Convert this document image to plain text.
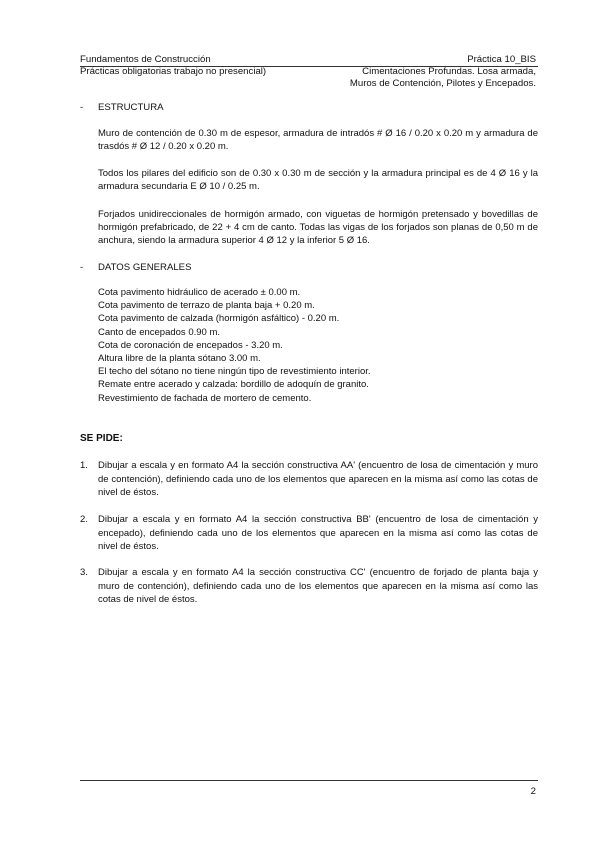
Fundamentos de Construcción
Prácticas obligatorias trabajo no presencial)
Práctica 10_BIS
Cimentaciones Profundas. Losa armada,
Muros de Contención, Pilotes y Encepados.
- ESTRUCTURA
Muro de contención de 0.30 m de espesor, armadura de intradós # Ø 16 / 0.20 x 0.20 m y armadura de trasdós # Ø 12 / 0.20 x 0.20 m.
Todos los pilares del edificio son de 0.30 x 0.30 m de sección y la armadura principal es de 4 Ø 16 y la armadura secundaria E Ø 10 / 0.25 m.
Forjados unidireccionales de hormigón armado, con viguetas de hormigón pretensado y bovedillas de hormigón prefabricado, de 22 + 4 cm de canto. Todas las vigas de los forjados son planas de 0,50 m de anchura, siendo la armadura superior 4 Ø 12 y la inferior 5 Ø 16.
- DATOS GENERALES
Cota pavimento hidráulico de acerado ± 0.00 m.
Cota pavimento de terrazo de planta baja + 0.20 m.
Cota pavimento de calzada (hormigón asfáltico) - 0.20 m.
Canto de encepados 0.90 m.
Cota de coronación de encepados - 3.20 m.
Altura libre de la planta sótano 3.00 m.
El techo del sótano no tiene ningún tipo de revestimiento interior.
Remate entre acerado y calzada: bordillo de adoquín de granito.
Revestimiento de fachada de mortero de cemento.
SE PIDE:
1. Dibujar a escala y en formato A4 la sección constructiva AA' (encuentro de losa de cimentación y muro de contención), definiendo cada uno de los elementos que aparecen en la misma así como las cotas de nivel de éstos.
2. Dibujar a escala y en formato A4 la sección constructiva BB' (encuentro de losa de cimentación y encepado), definiendo cada uno de los elementos que aparecen en la misma así como las cotas de nivel de éstos.
3. Dibujar a escala y en formato A4 la sección constructiva CC' (encuentro de forjado de planta baja y muro de contención), definiendo cada uno de los elementos que aparecen en la misma así como las cotas de nivel de éstos.
2
